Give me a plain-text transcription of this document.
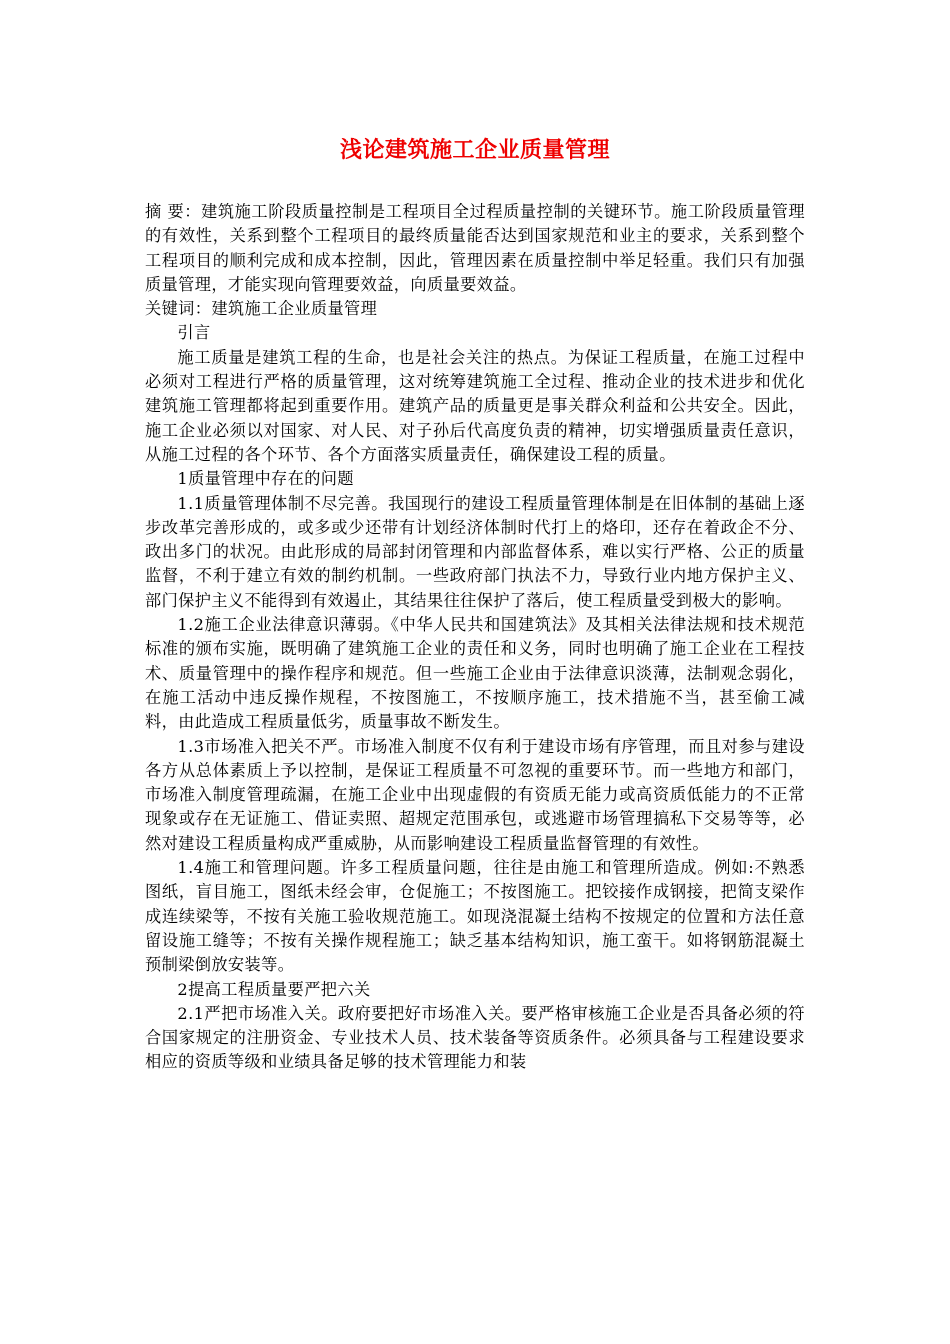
浅论建筑施工企业质量管理

摘 要：建筑施工阶段质量控制是工程项目全过程质量控制的关键环节。施工阶段质量管理的有效性，关系到整个工程项目的最终质量能否达到国家规范和业主的要求，关系到整个工程项目的顺利完成和成本控制，因此，管理因素在质量控制中举足轻重。我们只有加强质量管理，才能实现向管理要效益，向质量要效益。

关键词：建筑施工企业质量管理

引言

施工质量是建筑工程的生命，也是社会关注的热点。为保证工程质量，在施工过程中必须对工程进行严格的质量管理，这对统筹建筑施工全过程、推动企业的技术进步和优化建筑施工管理都将起到重要作用。建筑产品的质量更是事关群众利益和公共安全。因此，施工企业必须以对国家、对人民、对子孙后代高度负责的精神，切实增强质量责任意识，从施工过程的各个环节、各个方面落实质量责任，确保建设工程的质量。

1质量管理中存在的问题

1.1质量管理体制不尽完善。我国现行的建设工程质量管理体制是在旧体制的基础上逐步改革完善形成的，或多或少还带有计划经济体制时代打上的烙印，还存在着政企不分、政出多门的状况。由此形成的局部封闭管理和内部监督体系，难以实行严格、公正的质量监督，不利于建立有效的制约机制。一些政府部门执法不力，导致行业内地方保护主义、部门保护主义不能得到有效遏止，其结果往往保护了落后，使工程质量受到极大的影响。

1.2施工企业法律意识薄弱。《中华人民共和国建筑法》及其相关法律法规和技术规范标准的颁布实施，既明确了建筑施工企业的责任和义务，同时也明确了施工企业在工程技术、质量管理中的操作程序和规范。但一些施工企业由于法律意识淡薄，法制观念弱化，在施工活动中违反操作规程，不按图施工，不按顺序施工，技术措施不当，甚至偷工减料，由此造成工程质量低劣，质量事故不断发生。

1.3市场准入把关不严。市场准入制度不仅有利于建设市场有序管理，而且对参与建设各方从总体素质上予以控制，是保证工程质量不可忽视的重要环节。而一些地方和部门，市场准入制度管理疏漏，在施工企业中出现虚假的有资质无能力或高资质低能力的不正常现象或存在无证施工、借证卖照、超规定范围承包，或逃避市场管理搞私下交易等等，必然对建设工程质量构成严重威胁，从而影响建设工程质量监督管理的有效性。

1.4施工和管理问题。许多工程质量问题，往往是由施工和管理所造成。例如:不熟悉图纸，盲目施工，图纸未经会审，仓促施工；不按图施工。把铰接作成钢接，把简支梁作成连续梁等，不按有关施工验收规范施工。如现浇混凝土结构不按规定的位置和方法任意留设施工缝等；不按有关操作规程施工；缺乏基本结构知识，施工蛮干。如将钢筋混凝土预制梁倒放安装等。

2提高工程质量要严把六关

2.1严把市场准入关。政府要把好市场准入关。要严格审核施工企业是否具备必须的符合国家规定的注册资金、专业技术人员、技术装备等资质条件。必须具备与工程建设要求相应的资质等级和业绩具备足够的技术管理能力和装
